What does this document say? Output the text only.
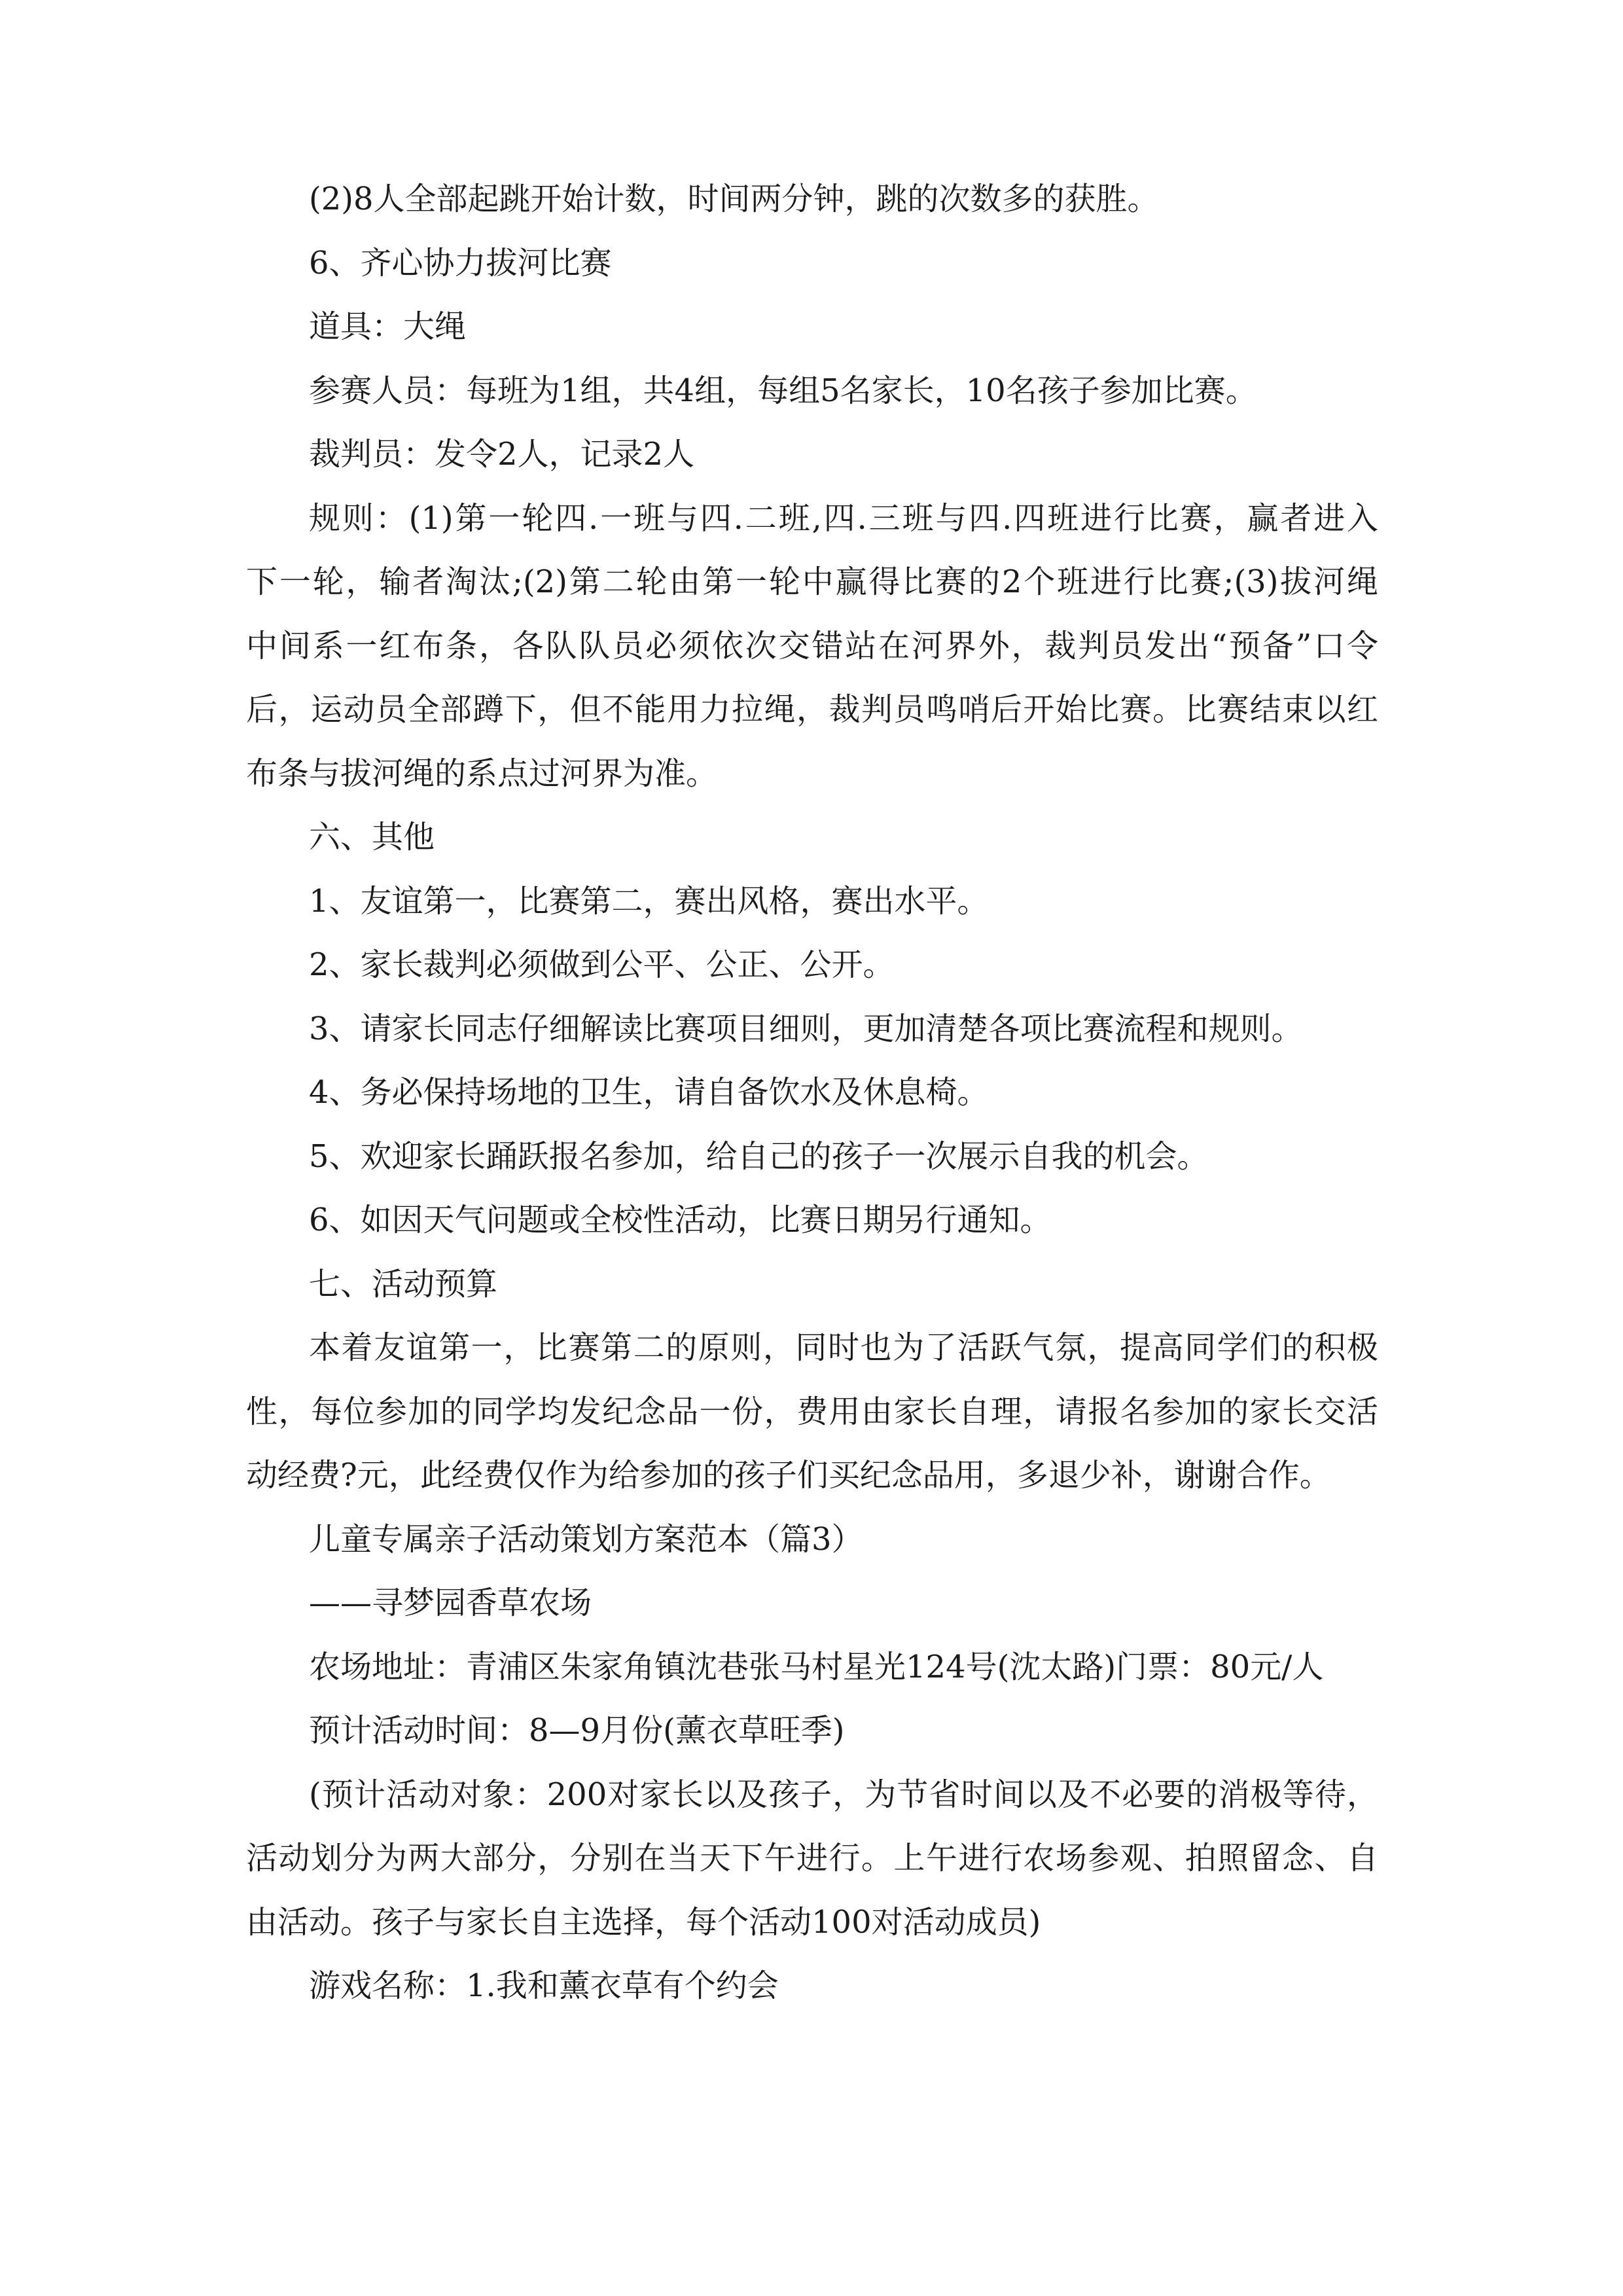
(2)8人全部起跳开始计数，时间两分钟，跳的次数多的获胜。
6、齐心协力拔河比赛
道具：大绳
参赛人员：每班为1组，共4组，每组5名家长，10名孩子参加比赛。
裁判员：发令2人，记录2人
规则：(1)第一轮四.一班与四.二班,四.三班与四.四班进行比赛，赢者进入
下一轮，输者淘汰;(2)第二轮由第一轮中赢得比赛的2个班进行比赛;(3)拔河绳
中间系一红布条，各队队员必须依次交错站在河界外，裁判员发出“预备”口令
后，运动员全部蹲下，但不能用力拉绳，裁判员鸣哨后开始比赛。比赛结束以红
布条与拔河绳的系点过河界为准。
六、其他
1、友谊第一，比赛第二，赛出风格，赛出水平。
2、家长裁判必须做到公平、公正、公开。
3、请家长同志仔细解读比赛项目细则，更加清楚各项比赛流程和规则。
4、务必保持场地的卫生，请自备饮水及休息椅。
5、欢迎家长踊跃报名参加，给自己的孩子一次展示自我的机会。
6、如因天气问题或全校性活动，比赛日期另行通知。
七、活动预算
本着友谊第一，比赛第二的原则，同时也为了活跃气氛，提高同学们的积极
性，每位参加的同学均发纪念品一份，费用由家长自理，请报名参加的家长交活
动经费?元，此经费仅作为给参加的孩子们买纪念品用，多退少补，谢谢合作。
儿童专属亲子活动策划方案范本（篇3）
——寻梦园香草农场
农场地址：青浦区朱家角镇沈巷张马村星光124号(沈太路)门票：80元/人
预计活动时间：8—9月份(薰衣草旺季)
(预计活动对象：200对家长以及孩子，为节省时间以及不必要的消极等待，
活动划分为两大部分，分别在当天下午进行。上午进行农场参观、拍照留念、自
由活动。孩子与家长自主选择，每个活动100对活动成员)
游戏名称：1.我和薰衣草有个约会
